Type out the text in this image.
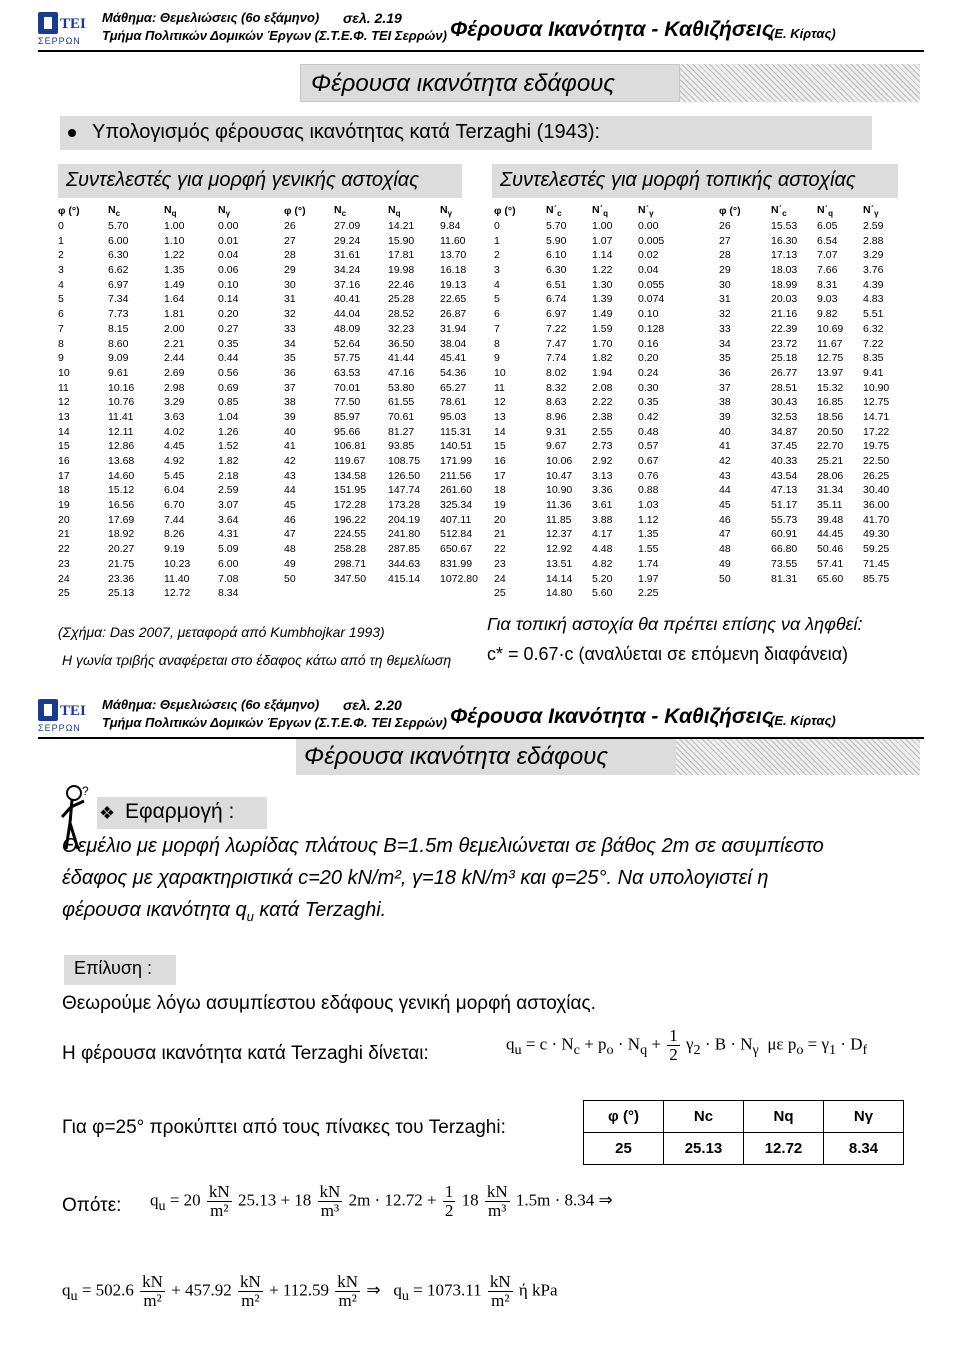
ΤΕΙ
ΣΕΡΡΩΝ
Μάθημα: Θεμελιώσεις (6ο εξάμηνο)	σελ. 2.19
Τμήμα Πολιτικών Δομικών Έργων (Σ.Τ.Ε.Φ. ΤΕΙ Σερρών) Φέρουσα Ικανότητα - Καθιζήσεις
(Ε. Κίρτας)
Φέρουσα ικανότητα εδάφους
Υπολογισμός φέρουσας ικανότητας κατά Terzaghi (1943):
Συντελεστές για μορφή γενικής αστοχίας	Συντελεστές για μορφή τοπικής αστοχίας
φ (°)	$N_c$	$N_q$	$N_\gamma$
0	5.70	1.00	0.00
1	6.00	1.10	0.01
2	6.30	1.22	0.04
3	6.62	1.35	0.06
4	6.97	1.49	0.10
5	7.34	1.64	0.14
6	7.73	1.81	0.20
7	8.15	2.00	0.27
8	8.60	2.21	0.35
9	9.09	2.44	0.44
10	9.61	2.69	0.56
11	10.16	2.98	0.69
12	10.76	3.29	0.85
13	11.41	3.63	1.04
14	12.11	4.02	1.26
15	12.86	4.45	1.52
16	13.68	4.92	1.82
17	14.60	5.45	2.18
18	15.12	6.04	2.59
19	16.56	6.70	3.07
20	17.69	7.44	3.64
21	18.92	8.26	4.31
22	20.27	9.19	5.09
23	21.75	10.23	6.00
24	23.36	11.40	7.08
25	25.13	12.72	8.34
φ (°)	$N_c$	$N_q$	$N_\gamma$
26	27.09	14.21	9.84
27	29.24	15.90	11.60
28	31.61	17.81	13.70
29	34.24	19.98	16.18
30	37.16	22.46	19.13
31	40.41	25.28	22.65
32	44.04	28.52	26.87
33	48.09	32.23	31.94
34	52.64	36.50	38.04
35	57.75	41.44	45.41
36	63.53	47.16	54.36
37	70.01	53.80	65.27
38	77.50	61.55	78.61
39	85.97	70.61	95.03
40	95.66	81.27	115.31
41	106.81	93.85	140.51
42	119.67	108.75	171.99
43	134.58	126.50	211.56
44	151.95	147.74	261.60
45	172.28	173.28	325.34
46	196.22	204.19	407.11
47	224.55	241.80	512.84
48	258.28	287.85	650.67
49	298.71	344.63	831.99
50	347.50	415.14	1072.80
φ (°)	$N΄_c$	$N΄_q$	$N΄_\gamma$
0	5.70	1.00	0.00
1	5.90	1.07	0.005
2	6.10	1.14	0.02
3	6.30	1.22	0.04
4	6.51	1.30	0.055
5	6.74	1.39	0.074
6	6.97	1.49	0.10
7	7.22	1.59	0.128
8	7.47	1.70	0.16
9	7.74	1.82	0.20
10	8.02	1.94	0.24
11	8.32	2.08	0.30
12	8.63	2.22	0.35
13	8.96	2.38	0.42
14	9.31	2.55	0.48
15	9.67	2.73	0.57
16	10.06	2.92	0.67
17	10.47	3.13	0.76
18	10.90	3.36	0.88
19	11.36	3.61	1.03
20	11.85	3.88	1.12
21	12.37	4.17	1.35
22	12.92	4.48	1.55
23	13.51	4.82	1.74
24	14.14	5.20	1.97
25	14.80	5.60	2.25
φ (°)	$N΄_c$	$N΄_q$	$N΄_\gamma$
26	15.53	6.05	2.59
27	16.30	6.54	2.88
28	17.13	7.07	3.29
29	18.03	7.66	3.76
30	18.99	8.31	4.39
31	20.03	9.03	4.83
32	21.16	9.82	5.51
33	22.39	10.69	6.32
34	23.72	11.67	7.22
35	25.18	12.75	8.35
36	26.77	13.97	9.41
37	28.51	15.32	10.90
38	30.43	16.85	12.75
39	32.53	18.56	14.71
40	34.87	20.50	17.22
41	37.45	22.70	19.75
42	40.33	25.21	22.50
43	43.54	28.06	26.25
44	47.13	31.34	30.40
45	51.17	35.11	36.00
46	55.73	39.48	41.70
47	60.91	44.45	49.30
48	66.80	50.46	59.25
49	73.55	57.41	71.45
50	81.31	65.60	85.75
(Σχήμα: Das 2007, μεταφορά από Kumbhojkar 1993)
Η γωνία τριβής αναφέρεται στο έδαφος κάτω από τη θεμελίωση
Για τοπική αστοχία θα πρέπει επίσης να ληφθεί:
c* = 0.67·c (αναλύεται σε επόμενη διαφάνεια)
ΤΕΙ
ΣΕΡΡΩΝ
Μάθημα: Θεμελιώσεις (6ο εξάμηνο)	σελ. 2.20
Τμήμα Πολιτικών Δομικών Έργων (Σ.Τ.Ε.Φ. ΤΕΙ Σερρών) Φέρουσα Ικανότητα - Καθιζήσεις
(Ε. Κίρτας)
Φέρουσα ικανότητα εδάφους
?
❖ Εφαρμογή :
Θεμέλιο με μορφή λωρίδας πλάτους B=1.5m θεμελιώνεται σε βάθος 2m σε ασυμπίεστο
έδαφος με χαρακτηριστικά c=20 kN/m², γ=18 kN/m³ και φ=25°. Να υπολογιστεί η
φέρουσα ικανότητα $q_u$ κατά Terzaghi.
Επίλυση :
Θεωρούμε λόγω ασυμπίεστου εδάφους γενική μορφή αστοχίας.
Η φέρουσα ικανότητα κατά Terzaghi δίνεται:	$q_u = c \cdot N_c + p_o \cdot N_q + \frac{1}{2} \gamma_2 \cdot B \cdot N_\gamma$  με $p_o = \gamma_1 \cdot D_f$
Για φ=25° προκύπτει από τους πίνακες του Terzaghi:
φ (°)	Nc	Nq	Nγ
25	25.13	12.72	8.34
Οπότε: $q_u = 20 \frac{kN}{\text{m²}} 25.13 + 18 \frac{kN}{\text{m³}} 2m \cdot 12.72 + \frac{1}{2} 18 \frac{kN}{\text{m³}} 1.5m \cdot 8.34$ ⇒
$q_u = 502.6 \frac{kN}{\text{m²}} + 457.92 \frac{kN}{\text{m²}} + 112.59 \frac{kN}{\text{m²}}$ ⇒   $q_u = 1073.11 \frac{kN}{\text{m²}}$ ή kPa
